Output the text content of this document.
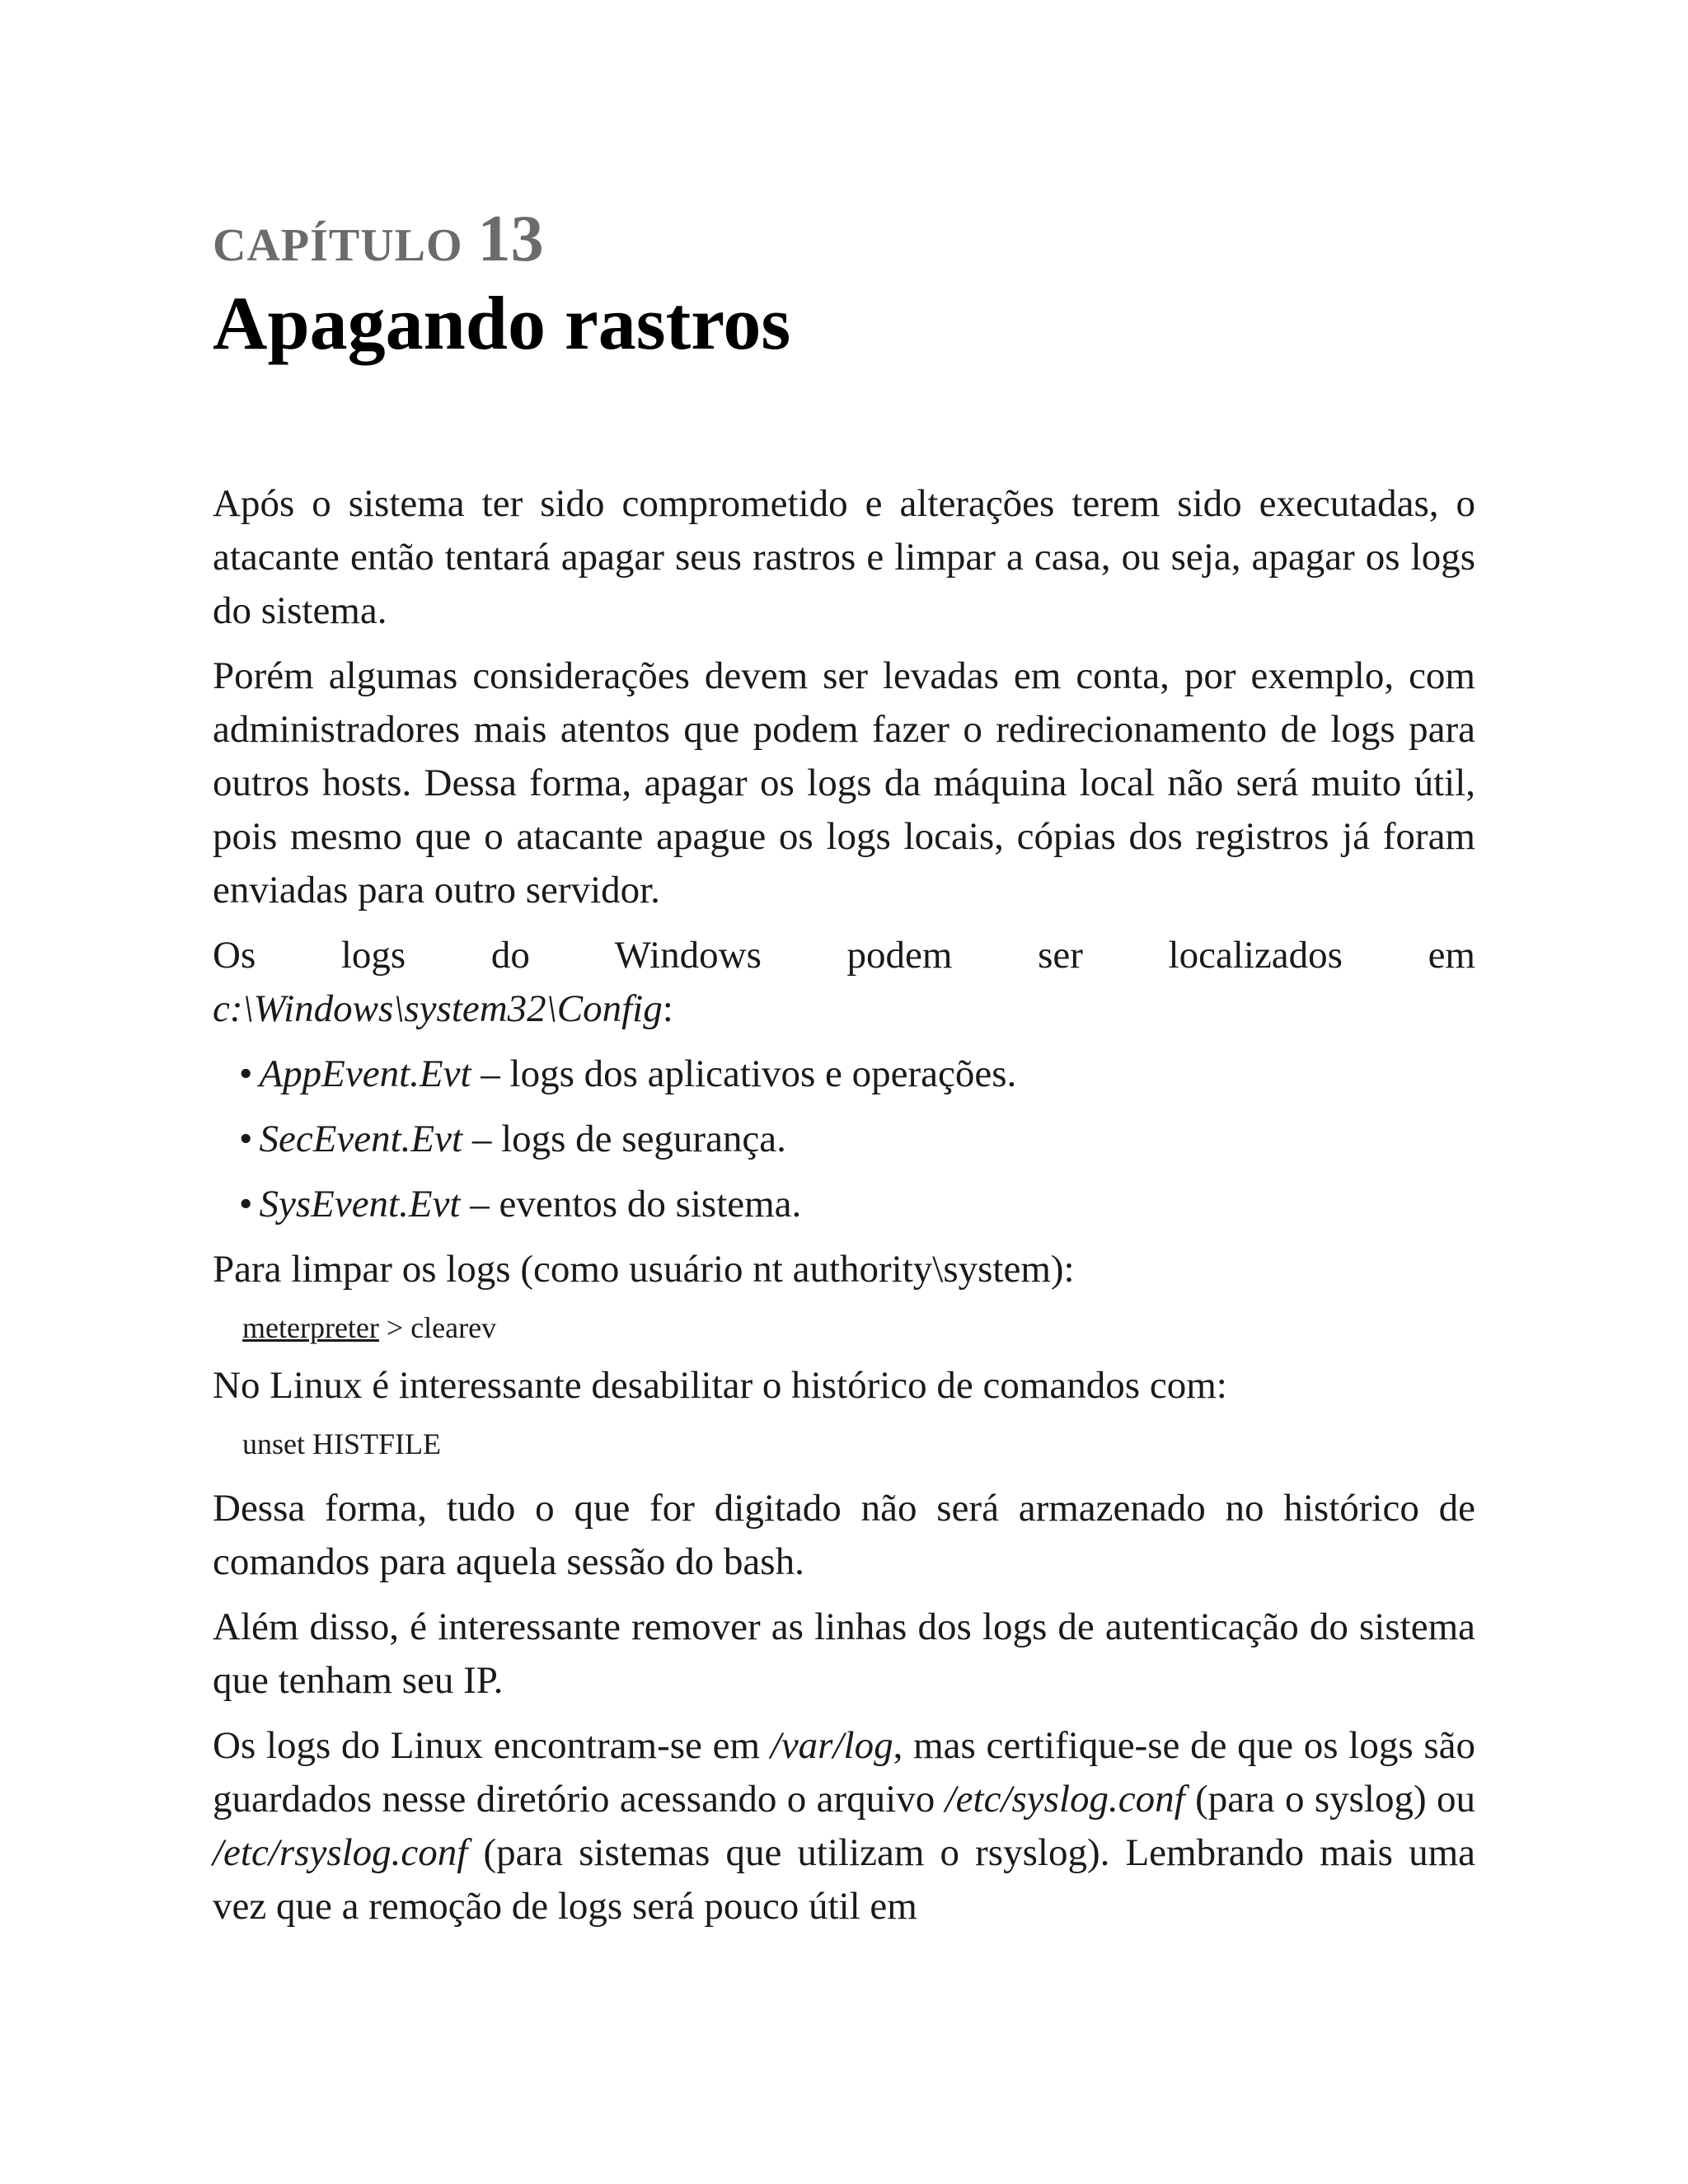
CAPÍTULO 13
Apagando rastros

Após o sistema ter sido comprometido e alterações terem sido executadas, o atacante então tentará apagar seus rastros e limpar a casa, ou seja, apagar os logs do sistema.

Porém algumas considerações devem ser levadas em conta, por exemplo, com administradores mais atentos que podem fazer o redirecionamento de logs para outros hosts. Dessa forma, apagar os logs da máquina local não será muito útil, pois mesmo que o atacante apague os logs locais, cópias dos registros já foram enviadas para outro servidor.

Os logs do Windows podem ser localizados em

c:\Windows\system32\Config:

• AppEvent.Evt – logs dos aplicativos e operações.
• SecEvent.Evt – logs de segurança.
• SysEvent.Evt – eventos do sistema.

Para limpar os logs (como usuário nt authority\system):

meterpreter > clearev

No Linux é interessante desabilitar o histórico de comandos com:

unset HISTFILE

Dessa forma, tudo o que for digitado não será armazenado no histórico de comandos para aquela sessão do bash.

Além disso, é interessante remover as linhas dos logs de autenticação do sistema que tenham seu IP.

Os logs do Linux encontram-se em /var/log, mas certifique-se de que os logs são guardados nesse diretório acessando o arquivo /etc/syslog.conf (para o syslog) ou /etc/rsyslog.conf (para sistemas que utilizam o rsyslog). Lembrando mais uma vez que a remoção de logs será pouco útil em
